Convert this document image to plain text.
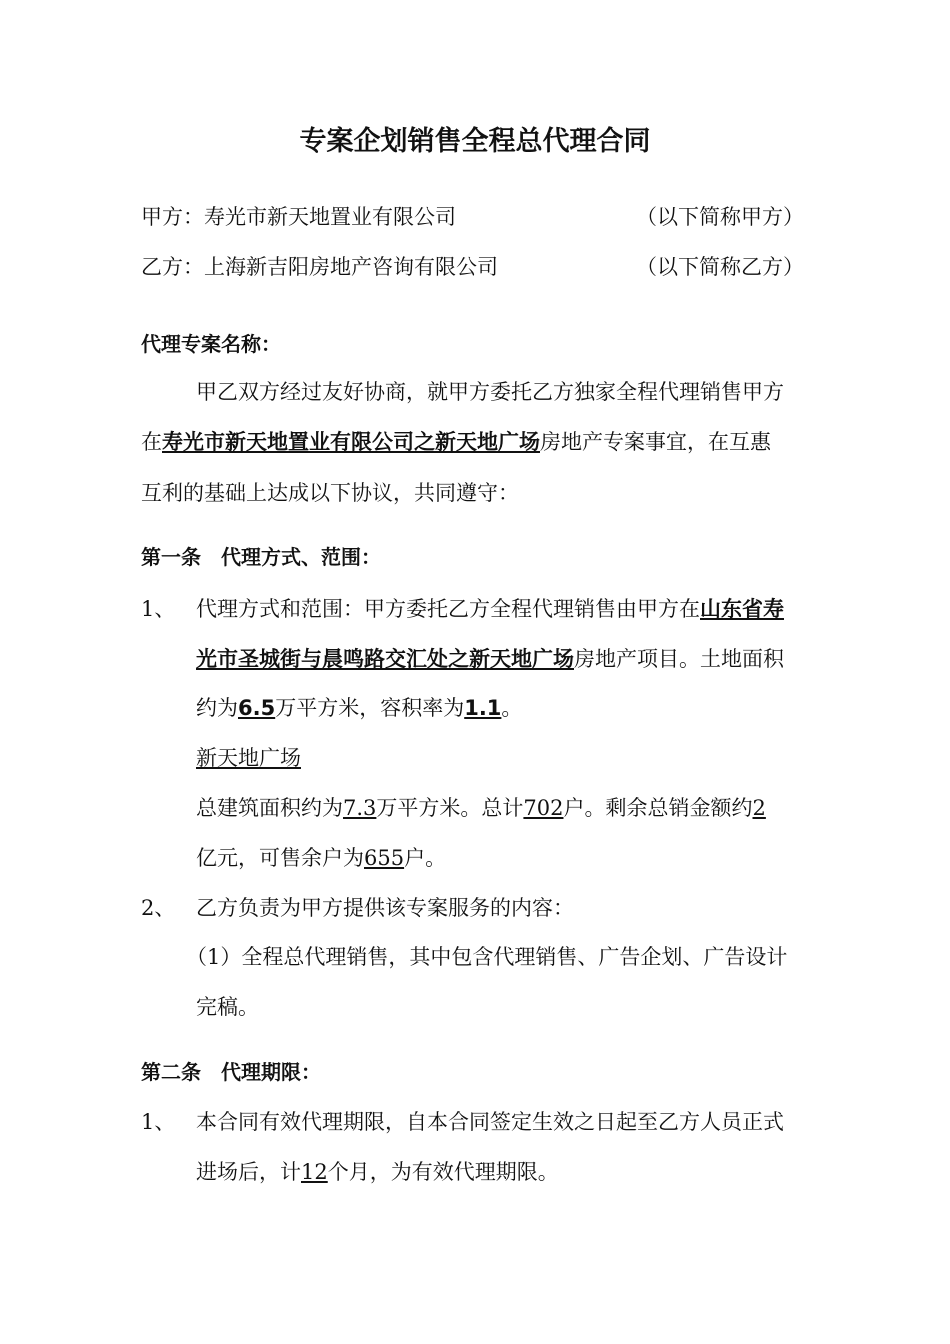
专案企划销售全程总代理合同
甲方：寿光市新天地置业有限公司	（以下简称甲方）
乙方：上海新吉阳房地产咨询有限公司	（以下简称乙方）
代理专案名称：
甲乙双方经过友好协商，就甲方委托乙方独家全程代理销售甲方
在寿光市新天地置业有限公司之新天地广场房地产专案事宜，在互惠
互利的基础上达成以下协议，共同遵守：
第一条　代理方式、范围：
1、 代理方式和范围：甲方委托乙方全程代理销售由甲方在山东省寿
光市圣城街与晨鸣路交汇处之新天地广场房地产项目。土地面积
约为6.5万平方米，容积率为1.1。
新天地广场
总建筑面积约为7.3万平方米。总计702户。剩余总销金额约2
亿元，可售余户为655户。
2、 乙方负责为甲方提供该专案服务的内容：
（1）全程总代理销售，其中包含代理销售、广告企划、广告设计
完稿。
第二条　代理期限：
1、 本合同有效代理期限，自本合同签定生效之日起至乙方人员正式
进场后，计12个月，为有效代理期限。
